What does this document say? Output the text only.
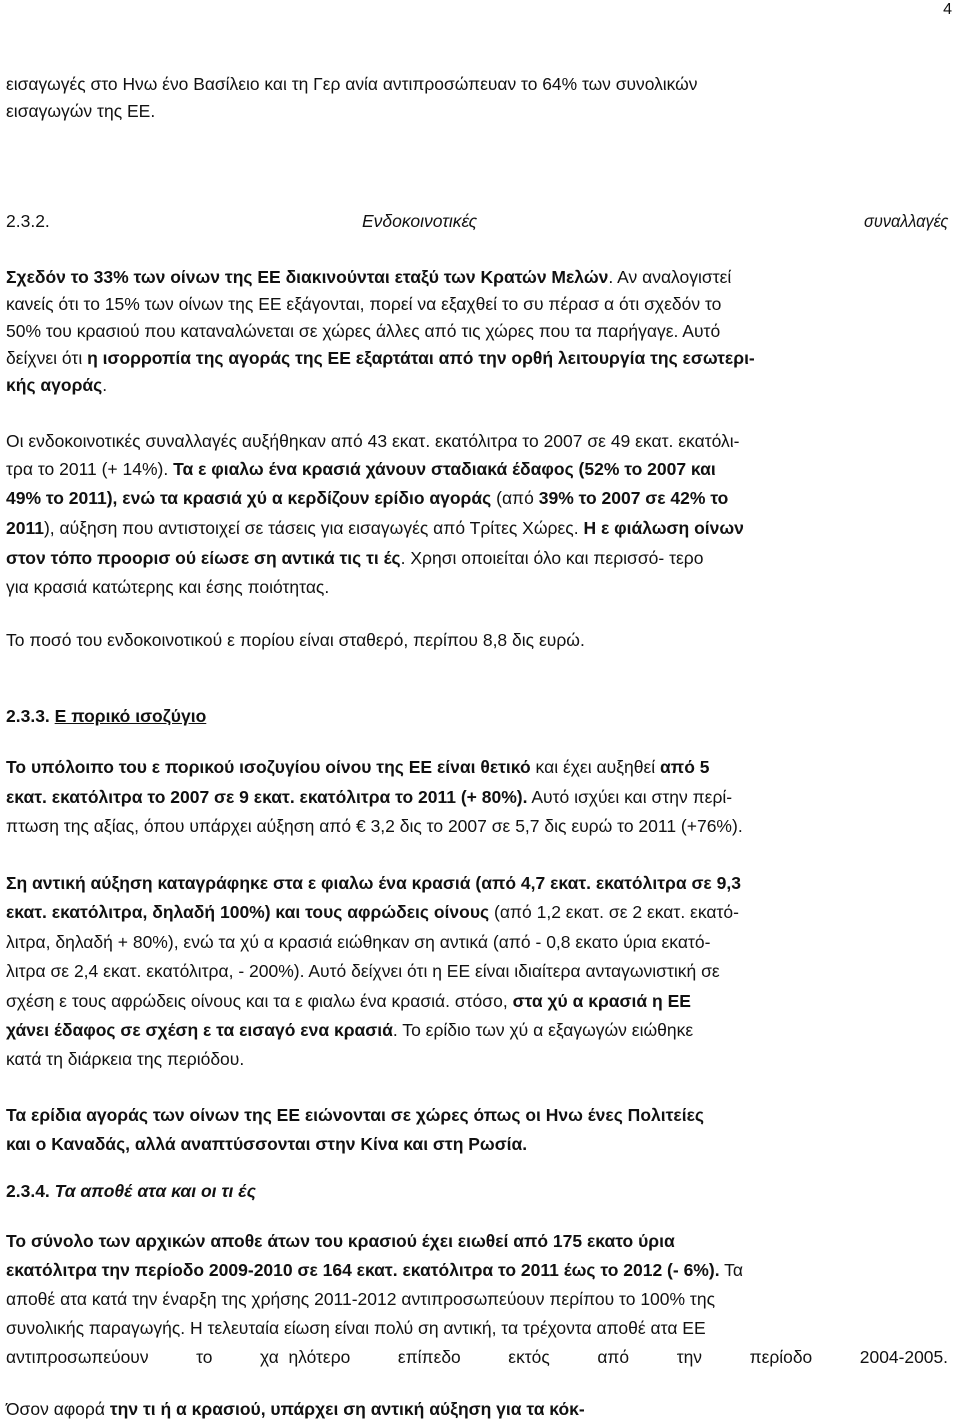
4
εισαγωγές στο Ηνω ένο Βασίλειο και τη Γερ ανία αντιπροσώπευαν το 64% των συνολικών
εισαγωγών της ΕΕ.
2.3.2.	Ενδοκοινοτικές	συναλλαγές
Σχεδόν το 33% των οίνων της ΕΕ διακινούνται εταξύ των Κρατών Μελών. Αν αναλογιστεί
κανείς ότι το 15% των οίνων της ΕΕ εξάγονται, πορεί να εξαχθεί το συ πέρασ α ότι σχεδόν το
50% του κρασιού που καταναλώνεται σε χώρες άλλες από τις χώρες που τα παρήγαγε. Αυτό
δείχνει ότι η ισορροπία της αγοράς της ΕΕ εξαρτάται από την ορθή λειτουργία της εσωτερι-
κής αγοράς.
Οι ενδοκοινοτικές συναλλαγές αυξήθηκαν από 43 εκατ. εκατόλιτρα το 2007 σε 49 εκατ. εκατόλι-
τρα το 2011 (+ 14%). Τα ε φιαλω ένα κρασιά χάνουν σταδιακά έδαφος (52% το 2007 και
49% το 2011), ενώ τα κρασιά χύ α κερδίζουν ερίδιο αγοράς (από 39% το 2007 σε 42% το
2011), αύξηση που αντιστοιχεί σε τάσεις για εισαγωγές από Τρίτες Χώρες. Η ε φιάλωση οίνων
στον τόπο προορισ ού είωσε ση αντικά τις τι ές. Χρησι οποιείται όλο και περισσό- τερο
για κρασιά κατώτερης και έσης ποιότητας.
Το ποσό του ενδοκοινοτικού ε πορίου είναι σταθερό, περίπου 8,8 δις ευρώ.
2.3.3. Ε πορικό ισοζύγιο
Το υπόλοιπο του ε πορικού ισοζυγίου οίνου της ΕΕ είναι θετικό και έχει αυξηθεί από 5
εκατ. εκατόλιτρα το 2007 σε 9 εκατ. εκατόλιτρα το 2011 (+ 80%). Αυτό ισχύει και στην περί-
πτωση της αξίας, όπου υπάρχει αύξηση από € 3,2 δις το 2007 σε 5,7 δις ευρώ το 2011 (+76%).
Ση αντική αύξηση καταγράφηκε στα ε φιαλω ένα κρασιά (από 4,7 εκατ. εκατόλιτρα σε 9,3
εκατ. εκατόλιτρα, δηλαδή 100%) και τους αφρώδεις οίνους (από 1,2 εκατ. σε 2 εκατ. εκατό-
λιτρα, δηλαδή + 80%), ενώ τα χύ α κρασιά ειώθηκαν ση αντικά (από - 0,8 εκατο ύρια εκατό-
λιτρα σε 2,4 εκατ. εκατόλιτρα, - 200%). Αυτό δείχνει ότι η ΕΕ είναι ιδιαίτερα ανταγωνιστική σε
σχέση ε τους αφρώδεις οίνους και τα ε φιαλω ένα κρασιά. στόσο, στα χύ α κρασιά η ΕΕ
χάνει έδαφος σε σχέση ε τα εισαγό ενα κρασιά. Το ερίδιο των χύ α εξαγωγών ειώθηκε
κατά τη διάρκεια της περιόδου.
Τα ερίδια αγοράς των οίνων της ΕΕ ειώνονται σε χώρες όπως οι Ηνω ένες Πολιτείες
και ο Καναδάς, αλλά αναπτύσσονται στην Κίνα και στη Ρωσία.
2.3.4. Τα αποθέ ατα και οι τι ές
Το σύνολο των αρχικών αποθε άτων του κρασιού έχει ειωθεί από 175 εκατο ύρια
εκατόλιτρα την περίοδο 2009-2010 σε 164 εκατ. εκατόλιτρα το 2011 έως το 2012 (- 6%). Τα
αποθέ ατα κατά την έναρξη της χρήσης 2011-2012 αντιπροσωπεύουν περίπου το 100% της
συνολικής παραγωγής. Η τελευταία είωση είναι πολύ ση αντική, τα τρέχοντα αποθέ ατα ΕΕ
αντιπροσωπεύουν	το	χα  ηλότερο	επίπεδο	εκτός	από	την	περίοδο	2004-2005.
Όσον αφορά την τι ή α κρασιού, υπάρχει ση αντική αύξηση για τα κόκ-
